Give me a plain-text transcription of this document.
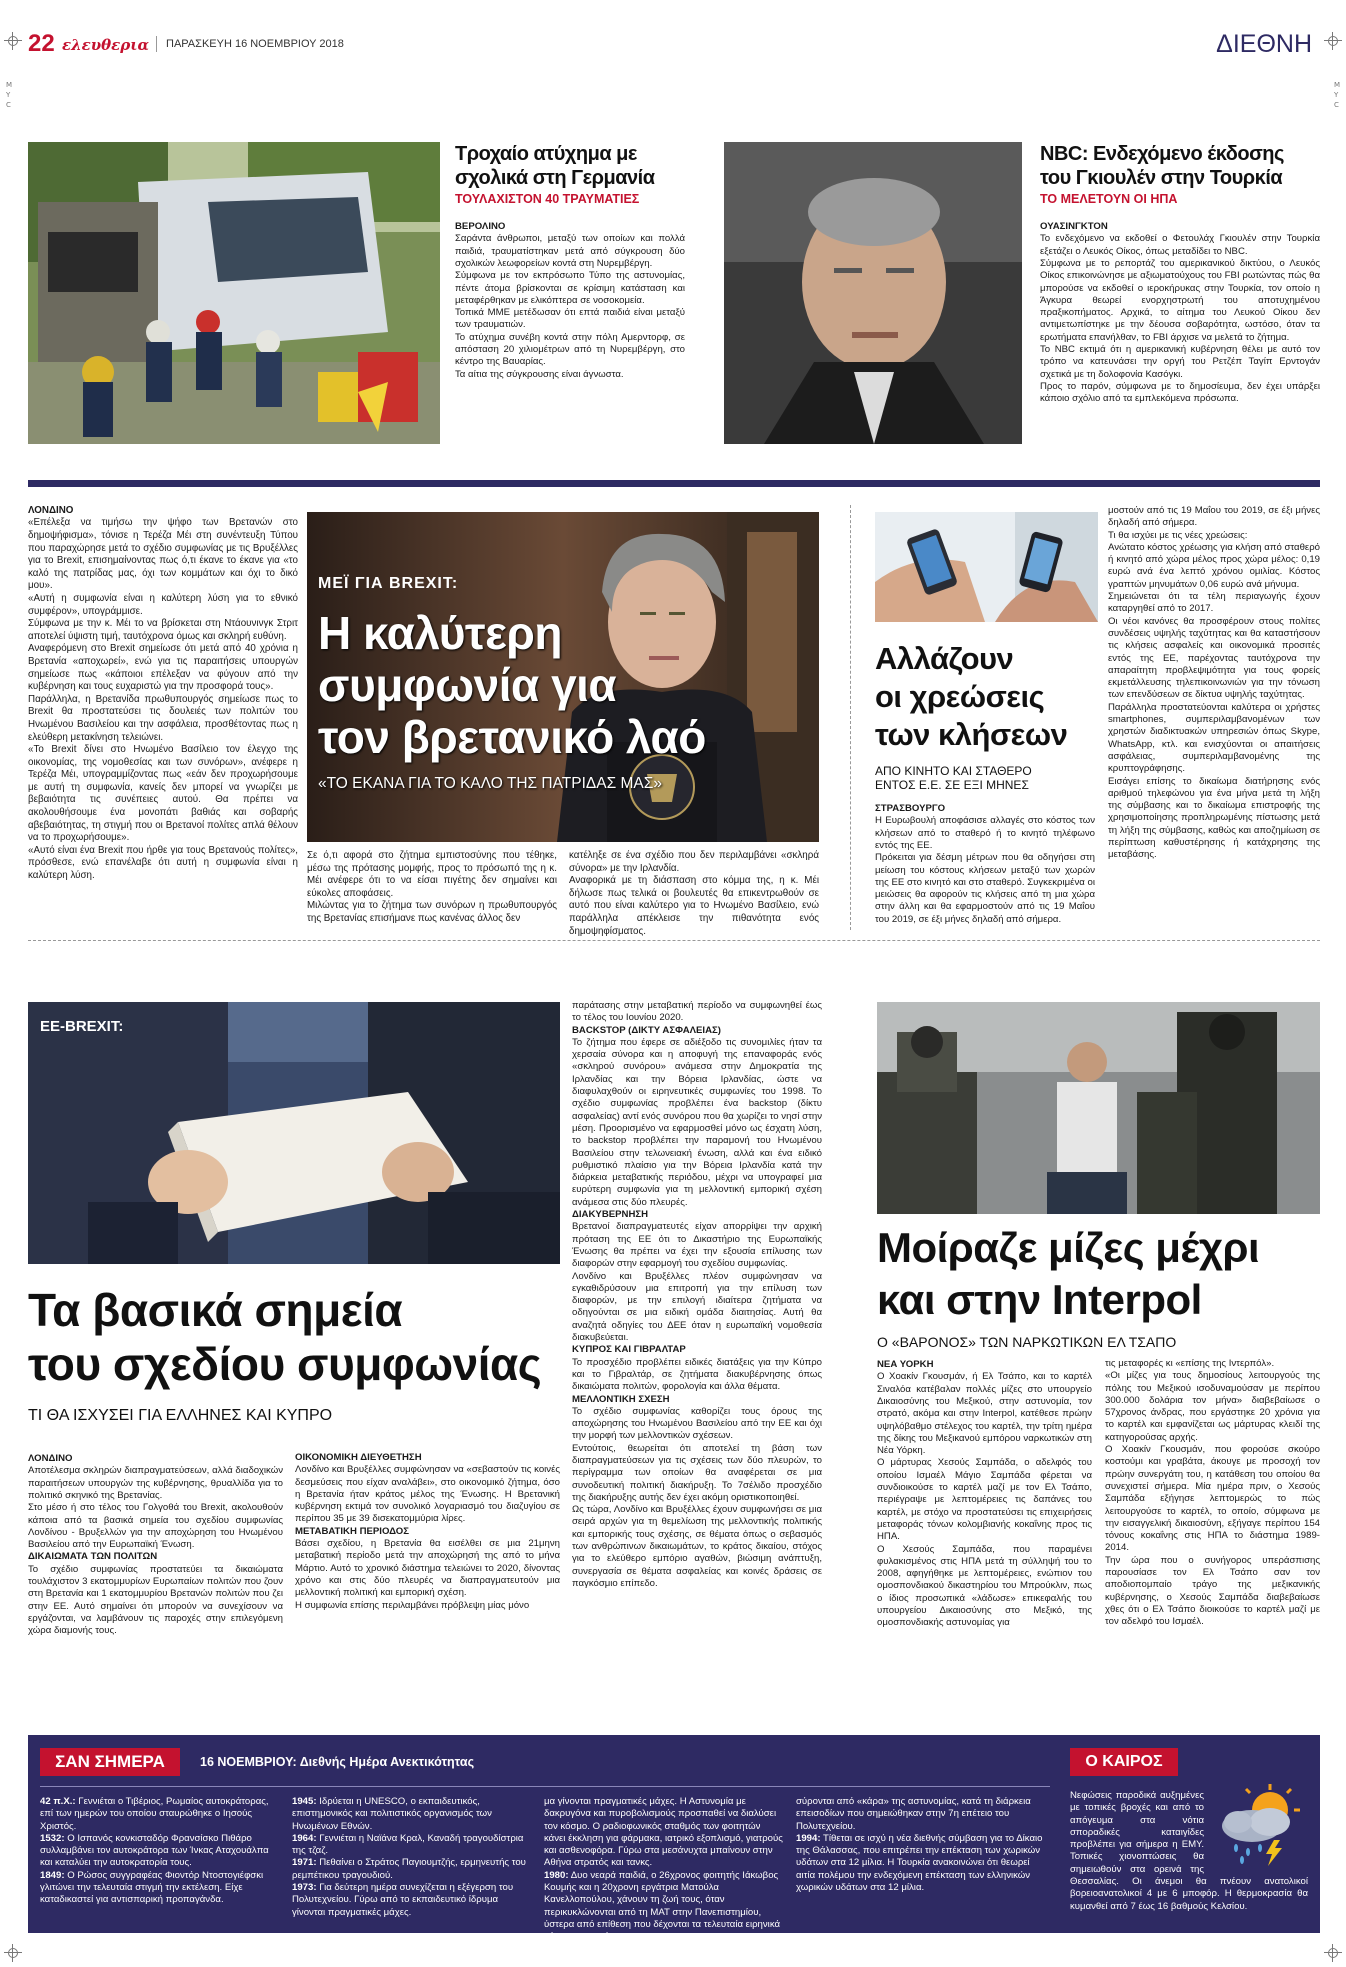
22 ελευθερια ΠΑΡΑΣΚΕΥΗ 16 ΝΟΕΜΒΡΙΟΥ 2018	ΔΙΕΘΝΗ
Τροχαίο ατύχημα με
σχολικά στη Γερμανία
ΤΟΥΛΑΧΙΣΤΟΝ 40 ΤΡΑΥΜΑΤΙΕΣ
ΒΕΡΟΛΙΝΟ

Σαράντα άνθρωποι, μεταξύ των οποίων και πολλά παιδιά, τραυματίστηκαν μετά από σύγκρουση δύο σχολικών λεωφορείων κοντά στη Νυρεμβέργη.

Σύμφωνα με τον εκπρόσωπο Τύπο της αστυνομίας, πέντε άτομα βρίσκονται σε κρίσιμη κατάσταση και μεταφέρθηκαν με ελικόπτερα σε νοσοκομεία.

Τοπικά ΜΜΕ μετέδωσαν ότι επτά παιδιά είναι μεταξύ των τραυματιών.

Το ατύχημα συνέβη κοντά στην πόλη Αμερντορφ, σε απόσταση 20 χιλιομέτρων από τη Νυρεμβέργη, στο κέντρο της Βαυαρίας.

Τα αίτια της σύγκρουσης είναι άγνωστα.

NBC: Ενδεχόμενο έκδοσης
του Γκιουλέν στην Τουρκία
ΤΟ ΜΕΛΕΤΟΥΝ ΟΙ ΗΠΑ
ΟΥΑΣΙΝΓΚΤΟΝ

Το ενδεχόμενο να εκδοθεί ο Φετουλάχ Γκιουλέν στην Τουρκία εξετάζει ο Λευκός Οίκος, όπως μεταδίδει το NBC.

Σύμφωνα με το ρεπορτάζ του αμερικανικού δικτύου, ο Λευκός Οίκος επικοινώνησε με αξιωματούχους του FBI ρωτώντας πώς θα μπορούσε να εκδοθεί ο ιεροκήρυκας στην Τουρκία, τον οποίο η Άγκυρα θεωρεί ενορχηστρωτή του αποτυχημένου πραξικοπήματος. Αρχικά, το αίτημα του Λευκού Οίκου δεν αντιμετωπίστηκε με την δέουσα σοβαρότητα, ωστόσο, όταν τα ερωτήματα επανήλθαν, το FBI άρχισε να μελετά το ζήτημα.

Το NBC εκτιμά ότι η αμερικανική κυβέρνηση θέλει με αυτό τον τρόπο να κατευνάσει την οργή του Ρετζέπ Ταγίπ Ερντογάν σχετικά με τη δολοφονία Κασόγκι.

Προς το παρόν, σύμφωνα με το δημοσίευμα, δεν έχει υπάρξει κάποιο σχόλιο από τα εμπλεκόμενα πρόσωπα.

ΛΟΝΔΙΝΟ

«Επέλεξα να τιμήσω την ψήφο των Βρετανών στο δημοψήφισμα», τόνισε η Τερέζα Μέι στη συνέντευξη Τύπου που παραχώρησε μετά το σχέδιο συμφωνίας με τις Βρυξέλλες για το Brexit, επισημαίνοντας πως ό,τι έκανε το έκανε για «το καλό της πατρίδας μας, όχι των κομμάτων και όχι το δικό μου».

«Αυτή η συμφωνία είναι η καλύτερη λύση για το εθνικό συμφέρον», υπογράμμισε.

Σύμφωνα με την κ. Μέι το να βρίσκεται στη Ντάουνινγκ Στριτ αποτελεί ύψιστη τιμή, ταυτόχρονα όμως και σκληρή ευθύνη.

Αναφερόμενη στο Brexit σημείωσε ότι μετά από 40 χρόνια η Βρετανία «αποχωρεί», ενώ για τις παραιτήσεις υπουργών σημείωσε πως «κάποιοι επέλεξαν να φύγουν από την κυβέρνηση και τους ευχαριστώ για την προσφορά τους».

Παράλληλα, η Βρετανίδα πρωθυπουργός σημείωσε πως το Brexit θα προστατεύσει τις δουλειές των πολιτών του Ηνωμένου Βασιλείου και την ασφάλεια, προσθέτοντας πως η ελεύθερη μετακίνηση τελειώνει.

«Το Brexit δίνει στο Ηνωμένο Βασίλειο τον έλεγχο της οικονομίας, της νομοθεσίας και των συνόρων», ανέφερε η Τερέζα Μέι, υπογραμμίζοντας πως «εάν δεν προχωρήσουμε με αυτή τη συμφωνία, κανείς δεν μπορεί να γνωρίζει με βεβαιότητα τις συνέπειες αυτού. Θα πρέπει να ακολουθήσουμε ένα μονοπάτι βαθιάς και σοβαρής αβεβαιότητας, τη στιγμή που οι Βρετανοί πολίτες απλά θέλουν να το προχωρήσουμε».

«Αυτό είναι ένα Brexit που ήρθε για τους Βρετανούς πολίτες», πρόσθεσε, ενώ επανέλαβε ότι αυτή η συμφωνία είναι η καλύτερη λύση.

ΜΕΪ ΓΙΑ BREXIT:
Η καλύτερη
συμφωνία για
τον βρετανικό λαό
«ΤΟ ΕΚΑΝΑ ΓΙΑ ΤΟ ΚΑΛΟ ΤΗΣ ΠΑΤΡΙΔΑΣ ΜΑΣ»

Σε ό,τι αφορά στο ζήτημα εμπιστοσύνης που τέθηκε, μέσω της πρότασης μομφής, προς το πρόσωπό της η κ. Μέι ανέφερε ότι το να είσαι πιγέτης δεν σημαίνει και εύκολες αποφάσεις.

Μιλώντας για το ζήτημα των συνόρων η πρωθυπουργός της Βρετανίας επισήμανε πως κανένας άλλος δεν

κατέληξε σε ένα σχέδιο που δεν περιλαμβάνει «σκληρά σύνορα» με την Ιρλανδία.

Αναφορικά με τη διάσπαση στο κόμμα της, η κ. Μέι δήλωσε πως τελικά οι βουλευτές θα επικεντρωθούν σε αυτό που είναι καλύτερο για το Ηνωμένο Βασίλειο, ενώ παράλληλα απέκλεισε την πιθανότητα ενός δημοψηφίσματος.

Αλλάζουν
οι χρεώσεις
των κλήσεων
ΑΠΟ ΚΙΝΗΤΟ ΚΑΙ ΣΤΑΘΕΡΟ
ΕΝΤΟΣ Ε.Ε. ΣΕ ΕΞΙ ΜΗΝΕΣ
ΣΤΡΑΣΒΟΥΡΓΟ

Η Ευρωβουλή αποφάσισε αλλαγές στο κόστος των κλήσεων από το σταθερό ή το κινητό τηλέφωνο εντός της ΕΕ.

Πρόκειται για δέσμη μέτρων που θα οδηγήσει στη μείωση του κόστους κλήσεων μεταξύ των χωρών της ΕΕ στο κινητό και στο σταθερό. Συγκεκριμένα οι μειώσεις θα αφορούν τις κλήσεις από τη μια χώρα στην άλλη και θα εφαρμοστούν από τις 19 Μαΐου του 2019, σε έξι μήνες δηλαδή από σήμερα.

μοστούν από τις 19 Μαΐου του 2019, σε έξι μήνες δηλαδή από σήμερα.

Τι θα ισχύει με τις νέες χρεώσεις:

Ανώτατο κόστος χρέωσης για κλήση από σταθερό ή κινητό από χώρα μέλος προς χώρα μέλος: 0,19 ευρώ ανά ένα λεπτό χρόνου ομιλίας. Κόστος γραπτών μηνυμάτων 0,06 ευρώ ανά μήνυμα.

Σημειώνεται ότι τα τέλη περιαγωγής έχουν καταργηθεί από το 2017.

Οι νέοι κανόνες θα προσφέρουν στους πολίτες συνδέσεις υψηλής ταχύτητας και θα καταστήσουν τις κλήσεις ασφαλείς και οικονομικά προσιτές εντός της ΕΕ, παρέχοντας ταυτόχρονα την απαραίτητη προβλεψιμότητα για τους φορείς εκμετάλλευσης τηλεπικοινωνιών για την τόνωση των επενδύσεων σε δίκτυα υψηλής ταχύτητας.

Παράλληλα προστατεύονται καλύτερα οι χρήστες smartphones, συμπεριλαμβανομένων των χρηστών διαδικτυακών υπηρεσιών όπως Skype, WhatsApp, κτλ. και ενισχύονται οι απαιτήσεις ασφάλειας, συμπεριλαμβανομένης της κρυπτογράφησης.

Εισάγει επίσης το δικαίωμα διατήρησης ενός αριθμού τηλεφώνου για ένα μήνα μετά τη λήξη της σύμβασης και το δικαίωμα επιστροφής της χρησιμοποίησης προπληρωμένης πίστωσης μετά τη λήξη της σύμβασης, καθώς και αποζημίωση σε περίπτωση καθυστέρησης ή κατάχρησης της μεταβάσης.

ΕΕ-BREXIT:
Τα βασικά σημεία
του σχεδίου συμφωνίας
ΤΙ ΘΑ ΙΣΧΥΣΕΙ ΓΙΑ ΕΛΛΗΝΕΣ ΚΑΙ ΚΥΠΡΟ
ΛΟΝΔΙΝΟ

Αποτέλεσμα σκληρών διαπραγματεύσεων, αλλά διαδοχικών παραιτήσεων υπουργών της κυβέρνησης, θρυαλλίδα για το πολιτικό σκηνικό της Βρετανίας.

Στο μέσο ή στο τέλος του Γολγοθά του Brexit, ακολουθούν κάποια από τα βασικά σημεία του σχεδίου συμφωνίας Λονδίνου - Βρυξελλών για την αποχώρηση του Ηνωμένου Βασιλείου από την Ευρωπαϊκή Ένωση.

ΔΙΚΑΙΩΜΑΤΑ ΤΩΝ ΠΟΛΙΤΩΝ

Το σχέδιο συμφωνίας προστατεύει τα δικαιώματα τουλάχιστον 3 εκατομμυρίων Ευρωπαίων πολιτών που ζουν στη Βρετανία και 1 εκατομμυρίου Βρετανών πολιτών που ζει στην ΕΕ. Αυτό σημαίνει ότι μπορούν να συνεχίσουν να εργάζονται, να λαμβάνουν τις παροχές στην επιλεγόμενη χώρα διαμονής τους.

ΟΙΚΟΝΟΜΙΚΗ ΔΙΕΥΘΕΤΗΣΗ

Λονδίνο και Βρυξέλλες συμφώνησαν να «σεβαστούν τις κοινές δεσμεύσεις που είχαν αναλάβει», στο οικονομικό ζήτημα, όσο η Βρετανία ήταν κράτος μέλος της Ένωσης. Η Βρετανική κυβέρνηση εκτιμά τον συνολικό λογαριασμό του διαζυγίου σε περίπου 35 με 39 δισεκατομμύρια λίρες.

ΜΕΤΑΒΑΤΙΚΗ ΠΕΡΙΟΔΟΣ

Βάσει σχεδίου, η Βρετανία θα εισέλθει σε μια 21μηνη μεταβατική περίοδο μετά την αποχώρησή της από το μήνα Μάρτιο. Αυτό το χρονικό διάστημα τελειώνει το 2020, δίνοντας χρόνο και στις δύο πλευρές να διαπραγματευτούν μια μελλοντική πολιτική και εμπορική σχέση.

Η συμφωνία επίσης περιλαμβάνει πρόβλεψη μίας μόνο

παράτασης στην μεταβατική περίοδο να συμφωνηθεί έως το τέλος του Ιουνίου 2020.

BACKSTOP (ΔΙΚΤΥ ΑΣΦΑΛΕΙΑΣ)

Το ζήτημα που έφερε σε αδιέξοδο τις συνομιλίες ήταν τα χερσαία σύνορα και η αποφυγή της επαναφοράς ενός «σκληρού συνόρου» ανάμεσα στην Δημοκρατία της Ιρλανδίας και την Βόρεια Ιρλανδίας, ώστε να διαφυλαχθούν οι ειρηνευτικές συμφωνίες του 1998. Το σχέδιο συμφωνίας προβλέπει ένα backstop (δίκτυ ασφαλείας) αντί ενός συνόρου που θα χωρίζει το νησί στην μέση. Προορισμένο να εφαρμοσθεί μόνο ως έσχατη λύση, το backstop προβλέπει την παραμονή του Ηνωμένου Βασιλείου στην τελωνειακή ένωση, αλλά και ένα ειδικό ρυθμιστικό πλαίσιο για την Βόρεια Ιρλανδία κατά την διάρκεια μεταβατικής περιόδου, μέχρι να υπογραφεί μια ευρύτερη συμφωνία για τη μελλοντική εμπορική σχέση ανάμεσα στις δύο πλευρές.

ΔΙΑΚΥΒΕΡΝΗΣΗ

Βρετανοί διαπραγματευτές είχαν απορρίψει την αρχική πρόταση της ΕΕ ότι το Δικαστήριο της Ευρωπαϊκής Ένωσης θα πρέπει να έχει την εξουσία επίλυσης των διαφορών στην εφαρμογή του σχεδίου συμφωνίας.

Λονδίνο και Βρυξέλλες πλέον συμφώνησαν να εγκαθιδρύσουν μια επιτροπή για την επίλυση των διαφορών, με την επιλογή ιδιαίτερα ζητήματα να οδηγούνται σε μια ειδική ομάδα διαιτησίας. Αυτή θα αναζητά οδηγίες του ΔΕΕ όταν η ευρωπαϊκή νομοθεσία διακυβεύεται.

ΚΥΠΡΟΣ ΚΑΙ ΓΙΒΡΑΛΤΑΡ

Το προσχέδιο προβλέπει ειδικές διατάξεις για την Κύπρο και το Γιβραλτάρ, σε ζητήματα διακυβέρνησης όπως δικαιώματα πολιτών, φορολογία και άλλα θέματα.

ΜΕΛΛΟΝΤΙΚΗ ΣΧΕΣΗ

Το σχέδιο συμφωνίας καθορίζει τους όρους της αποχώρησης του Ηνωμένου Βασιλείου από την ΕΕ και όχι την μορφή των μελλοντικών σχέσεων.

Εντούτοις, θεωρείται ότι αποτελεί τη βάση των διαπραγματεύσεων για τις σχέσεις των δύο πλευρών, το περίγραμμα των οποίων θα αναφέρεται σε μια συνοδευτική πολιτική διακήρυξη. Το 7σέλιδο προσχέδιο της διακήρυξης αυτής δεν έχει ακόμη οριστικοποιηθεί.

Ως τώρα, Λονδίνο και Βρυξέλλες έχουν συμφωνήσει σε μια σειρά αρχών για τη θεμελίωση της μελλοντικής πολιτικής και εμπορικής τους σχέσης, σε θέματα όπως ο σεβασμός των ανθρώπινων δικαιωμάτων, το κράτος δικαίου, στόχος για το ελεύθερο εμπόριο αγαθών, βιώσιμη ανάπτυξη, συνεργασία σε θέματα ασφαλείας και κοινές δράσεις σε παγκόσμιο επίπεδο.

Μοίραζε μίζες μέχρι
και στην Interpol
Ο «ΒΑΡΟΝΟΣ» ΤΩΝ ΝΑΡΚΩΤΙΚΩΝ ΕΛ ΤΣΑΠΟ
ΝΕΑ ΥΟΡΚΗ

Ο Χοακίν Γκουσμάν, ή Ελ Τσάπο, και το καρτέλ Σιναλόα κατέβαλαν πολλές μίζες στο υπουργείο Δικαιοσύνης του Μεξικού, στην αστυνομία, τον στρατό, ακόμα και στην Interpol, κατέθεσε πρώην υψηλόβαθμο στέλεχος του καρτέλ, την τρίτη ημέρα της δίκης του Μεξικανού εμπόρου ναρκωτικών στη Νέα Υόρκη.

Ο μάρτυρας Χεσούς Σαμπάδα, ο αδελφός του οποίου Ισμαέλ Μάγιο Σαμπάδα φέρεται να συνδιοικούσε το καρτέλ μαζί με τον Ελ Τσάπο, περιέγραψε με λεπτομέρειες τις δαπάνες του καρτέλ, με στόχο να προστατεύσει τις επιχειρήσεις μεταφοράς τόνων κολομβιανής κοκαΐνης προς τις ΗΠΑ.

Ο Χεσούς Σαμπάδα, που παραμένει φυλακισμένος στις ΗΠΑ μετά τη σύλληψή του το 2008, αφηγήθηκε με λεπτομέρειες, ενώπιον του ομοσπονδιακού δικαστηρίου του Μπρούκλιν, πως ο ίδιος προσωπικά «λάδωσε» επικεφαλής του υπουργείου Δικαιοσύνης στο Μεξικό, της ομοσπονδιακής αστυνομίας για

τις μεταφορές κι «επίσης της Ιντερπόλ».

«Οι μίζες για τους δημοσίους λειτουργούς της πόλης του Μεξικού ισοδυναμούσαν με περίπου 300.000 δολάρια τον μήνα» διαβεβαίωσε ο 57χρονος άνδρας, που εργάστηκε 20 χρόνια για το καρτέλ και εμφανίζεται ως μάρτυρας κλειδί της κατηγορούσας αρχής.

Ο Χοακίν Γκουσμάν, που φορούσε σκούρο κοστούμι και γραβάτα, άκουγε με προσοχή τον πρώην συνεργάτη του, η κατάθεση του οποίου θα συνεχιστεί σήμερα. Μία ημέρα πριν, ο Χεσούς Σαμπάδα εξήγησε λεπτομερώς το πώς λειτουργούσε το καρτέλ, το οποίο, σύμφωνα με την εισαγγελική δικαιοσύνη, εξήγαγε περίπου 154 τόνους κοκαΐνης στις ΗΠΑ το διάστημα 1989-2014.

Την ώρα που ο συνήγορος υπεράσπισης παρουσίασε τον Ελ Τσάπο σαν τον αποδιοπομπαίο τράγο της μεξικανικής κυβέρνησης, ο Χεσούς Σαμπάδα διαβεβαίωσε χθες ότι ο Ελ Τσάπο διοικούσε το καρτέλ μαζί με τον αδελφό του Ισμαέλ.

ΣΑΝ ΣΗΜΕΡΑ	16 ΝΟΕΜΒΡΙΟΥ: Διεθνής Ημέρα Ανεκτικότητας	Ο ΚΑΙΡΟΣ

42 π.Χ.: Γεννιέται ο Τιβέριος, Ρωμαίος αυτοκράτορας, επί των ημερών του οποίου σταυρώθηκε ο Ιησούς Χριστός.

1532: Ο Ισπανός κονκισταδόρ Φρανσίσκο Πιθάρο συλλαμβάνει τον αυτοκράτορα των Ίνκας Αταχουάλπα και καταλύει την αυτοκρατορία τους.

1849: Ο Ρώσος συγγραφέας Φιοντόρ Ντοστογιέφσκι γλιτώνει την τελευταία στιγμή την εκτέλεση. Είχε καταδικαστεί για αντισπαρική προπαγάνδα.

1945: Ιδρύεται η UNESCO, ο εκπαιδευτικός, επιστημονικός και πολιτιστικός οργανισμός των Ηνωμένων Εθνών.

1964: Γεννιέται η Ναϊάνα Κραλ, Καναδή τραγουδίστρια της τζαζ.

1971: Πεθαίνει ο Στράτος Παγιουμτζής, ερμηνευτής του ρεμπέτικου τραγουδιού.

1973: Για δεύτερη ημέρα συνεχίζεται η εξέγερση του Πολυτεχνείου. Γύρω από το εκπαιδευτικό ίδρυμα γίνονται πραγματικές μάχες.

μα γίνονται πραγματικές μάχες. Η Αστυνομία με δακρυγόνα και πυροβολισμούς προσπαθεί να διαλύσει τον κόσμο. Ο ραδιοφωνικός σταθμός των φοιτητών κάνει έκκληση για φάρμακα, ιατρικό εξοπλισμό, γιατρούς και ασθενοφόρα. Γύρω στα μεσάνυχτα μπαίνουν στην Αθήνα στρατός και τανκς.

1980: Δυο νεαρά παιδιά, ο 26χρονος φοιτητής Ιάκωβος Κουμής και η 20χρονη εργάτρια Ματούλα Κανελλοπούλου, χάνουν τη ζωή τους, όταν περικυκλώνονται από τη ΜΑΤ στην Πανεπιστημίου, ύστερα από επίθεση που δέχονται τα τελευταία ειρηνικά μέρη της συγκέντρωσης.

σύρονται από «κάρα» της αστυνομίας, κατά τη διάρκεια επεισοδίων που σημειώθηκαν στην 7η επέτειο του Πολυτεχνείου.

1994: Τίθεται σε ισχύ η νέα διεθνής σύμβαση για το Δίκαιο της Θάλασσας, που επιτρέπει την επέκταση των χωρικών υδάτων στα 12 μίλια. Η Τουρκία ανακοινώνει ότι θεωρεί αιτία πολέμου την ενδεχόμενη επέκταση των ελληνικών χωρικών υδάτων στα 12 μίλια.

Νεφώσεις παροδικά αυξημένες με τοπικές βροχές και από το απόγευμα στα νότια σποραδικές καταιγίδες προβλέπει για σήμερα η ΕΜΥ. Τοπικές χιονοπτώσεις θα σημειωθούν στα ορεινά της Θεσσαλίας. Οι άνεμοι θα πνέουν ανατολικοί βορειοανατολικοί 4 με 6 μποφόρ. Η θερμοκρασία θα κυμανθεί από 7 έως 16 βαθμούς Κελσίου.
M
Υ
C
M
Υ
C
